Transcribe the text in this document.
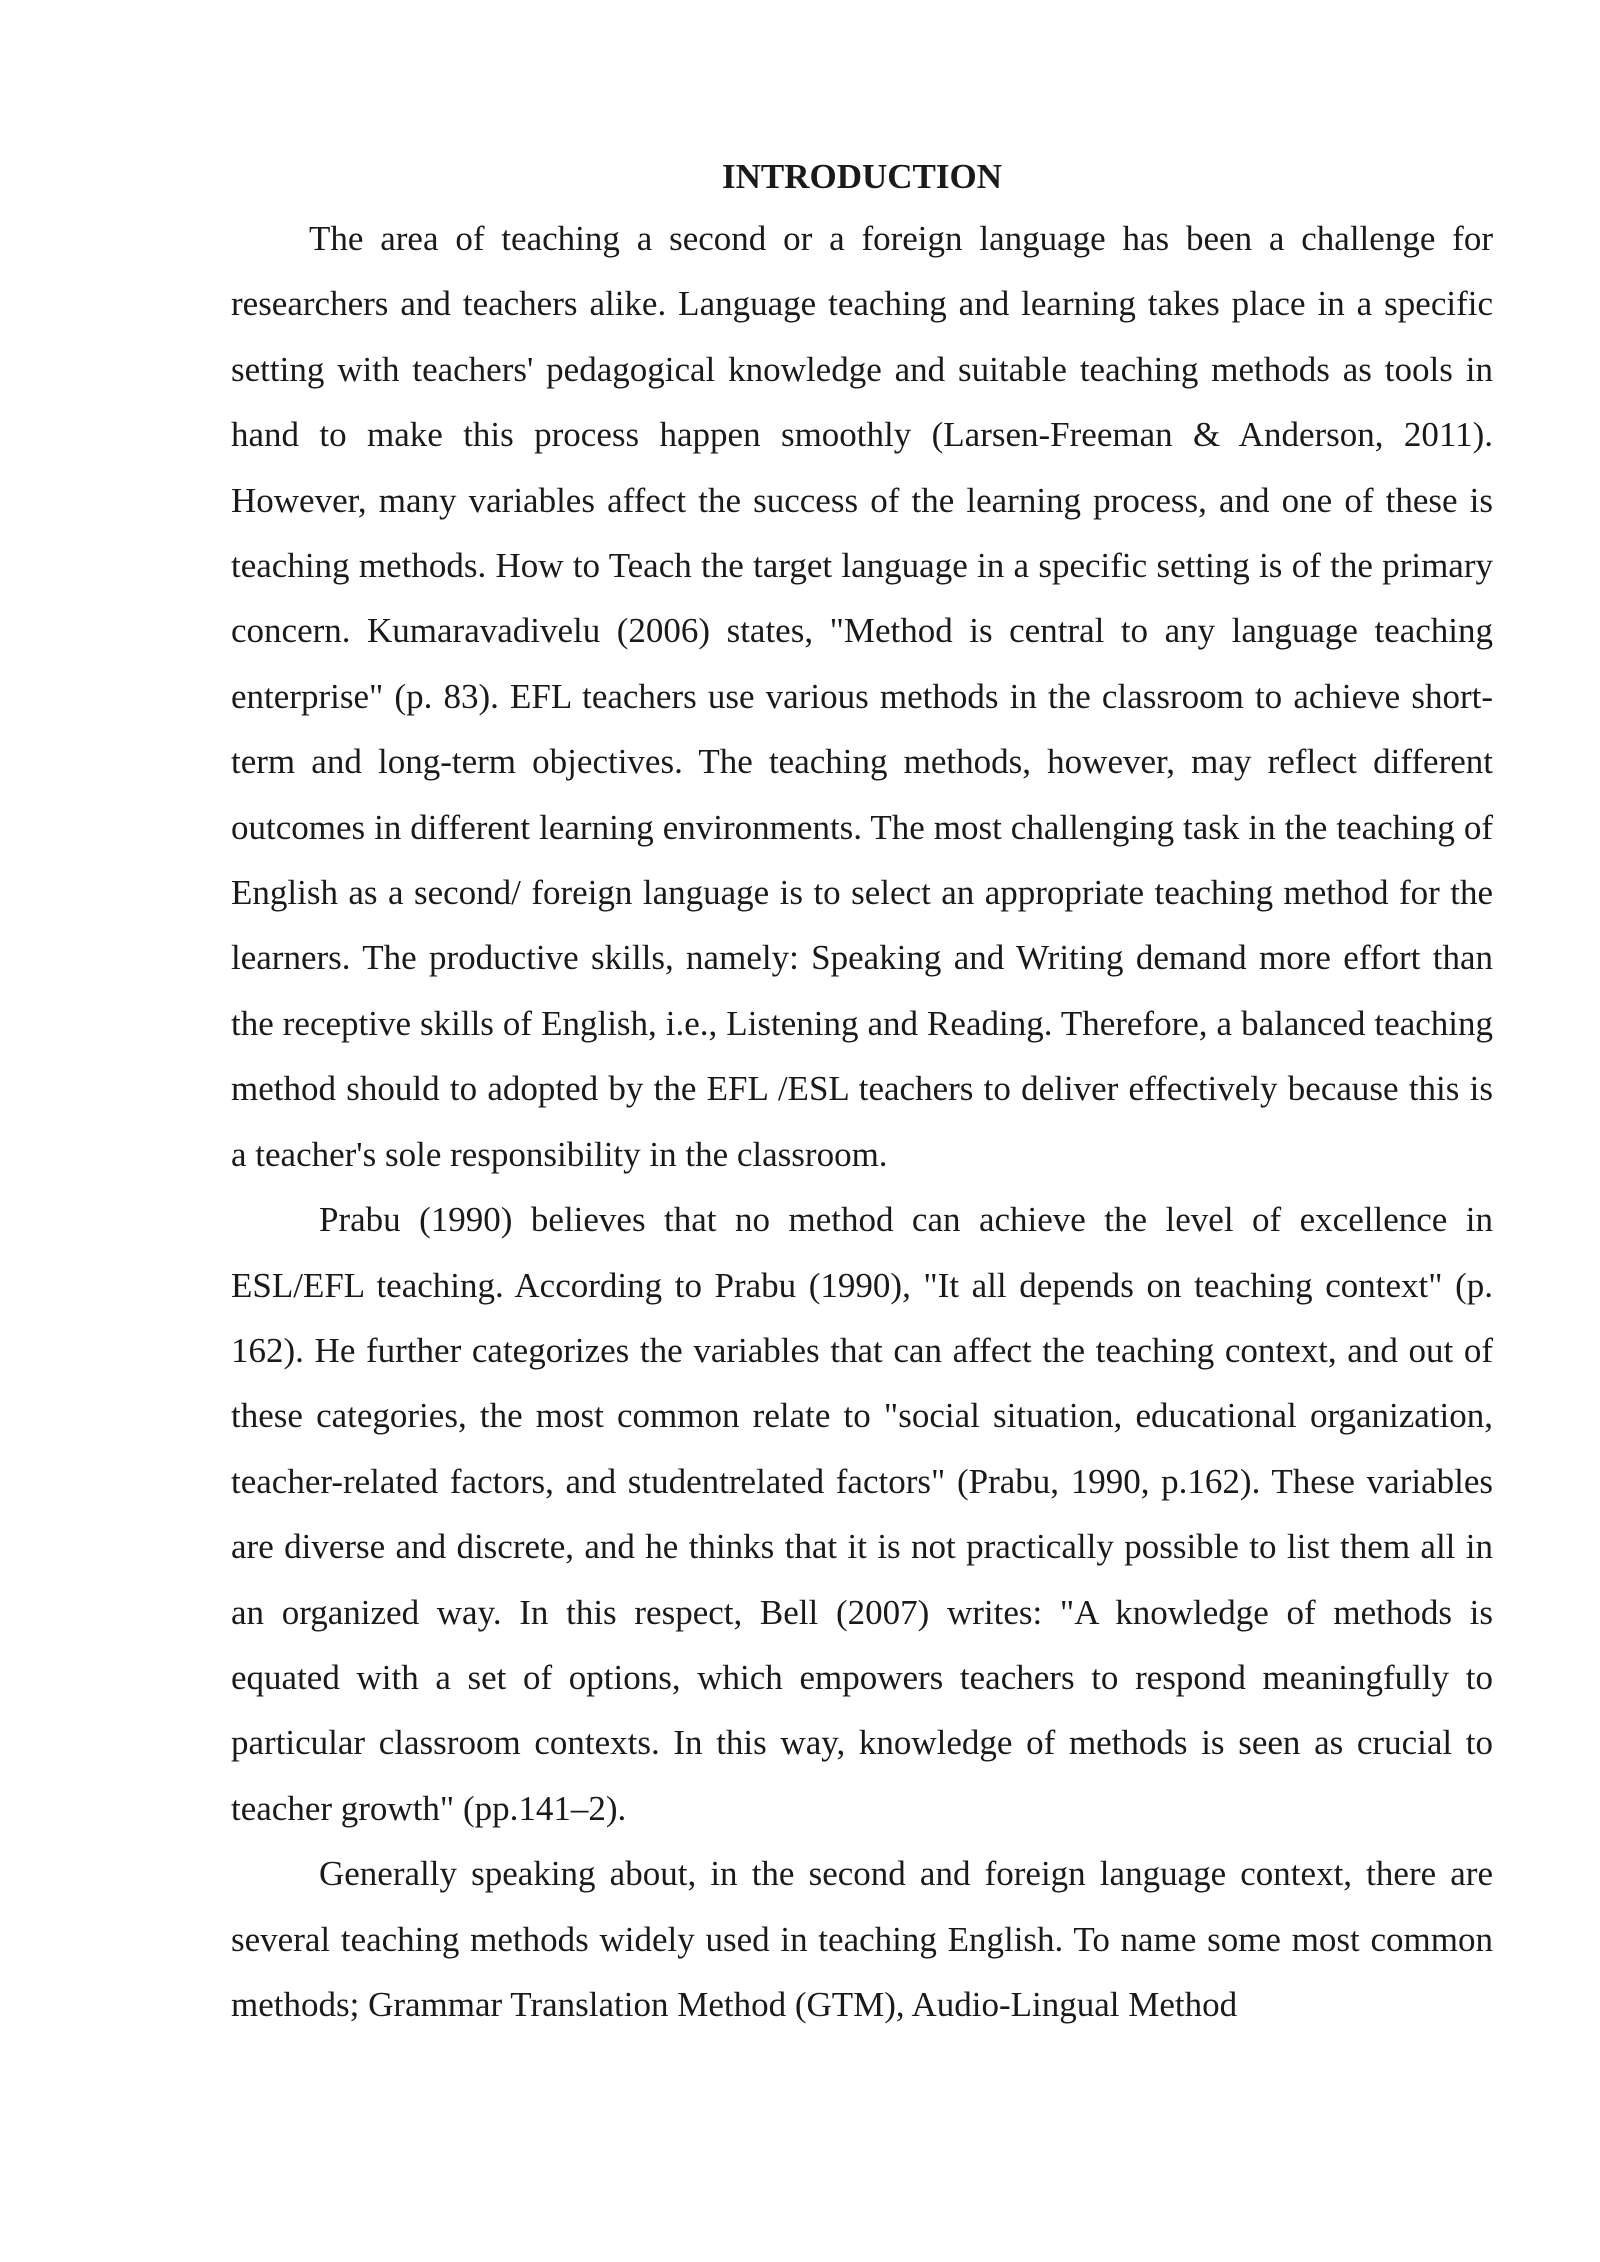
INTRODUCTION

The area of teaching a second or a foreign language has been a challenge for researchers and teachers alike. Language teaching and learning takes place in a specific setting with teachers' pedagogical knowledge and suitable teaching methods as tools in hand to make this process happen smoothly (Larsen-Freeman & Anderson, 2011). However, many variables affect the success of the learning process, and one of these is teaching methods. How to Teach the target language in a specific setting is of the primary concern. Kumaravadivelu (2006) states, "Method is central to any language teaching enterprise" (p. 83). EFL teachers use various methods in the classroom to achieve short-term and long-term objectives. The teaching methods, however, may reflect different outcomes in different learning environments. The most challenging task in the teaching of English as a second/ foreign language is to select an appropriate teaching method for the learners. The productive skills, namely: Speaking and Writing demand more effort than the receptive skills of English, i.e., Listening and Reading. Therefore, a balanced teaching method should to adopted by the EFL /ESL teachers to deliver effectively because this is a teacher's sole responsibility in the classroom.

Prabu (1990) believes that no method can achieve the level of excellence in ESL/EFL teaching. According to Prabu (1990), "It all depends on teaching context" (p. 162). He further categorizes the variables that can affect the teaching context, and out of these categories, the most common relate to "social situation, educational organization, teacher-related factors, and studentrelated factors" (Prabu, 1990, p.162). These variables are diverse and discrete, and he thinks that it is not practically possible to list them all in an organized way. In this respect, Bell (2007) writes: "A knowledge of methods is equated with a set of options, which empowers teachers to respond meaningfully to particular classroom contexts. In this way, knowledge of methods is seen as crucial to teacher growth" (pp.141–2).

Generally speaking about, in the second and foreign language context, there are several teaching methods widely used in teaching English. To name some most common methods; Grammar Translation Method (GTM), Audio-Lingual Method
